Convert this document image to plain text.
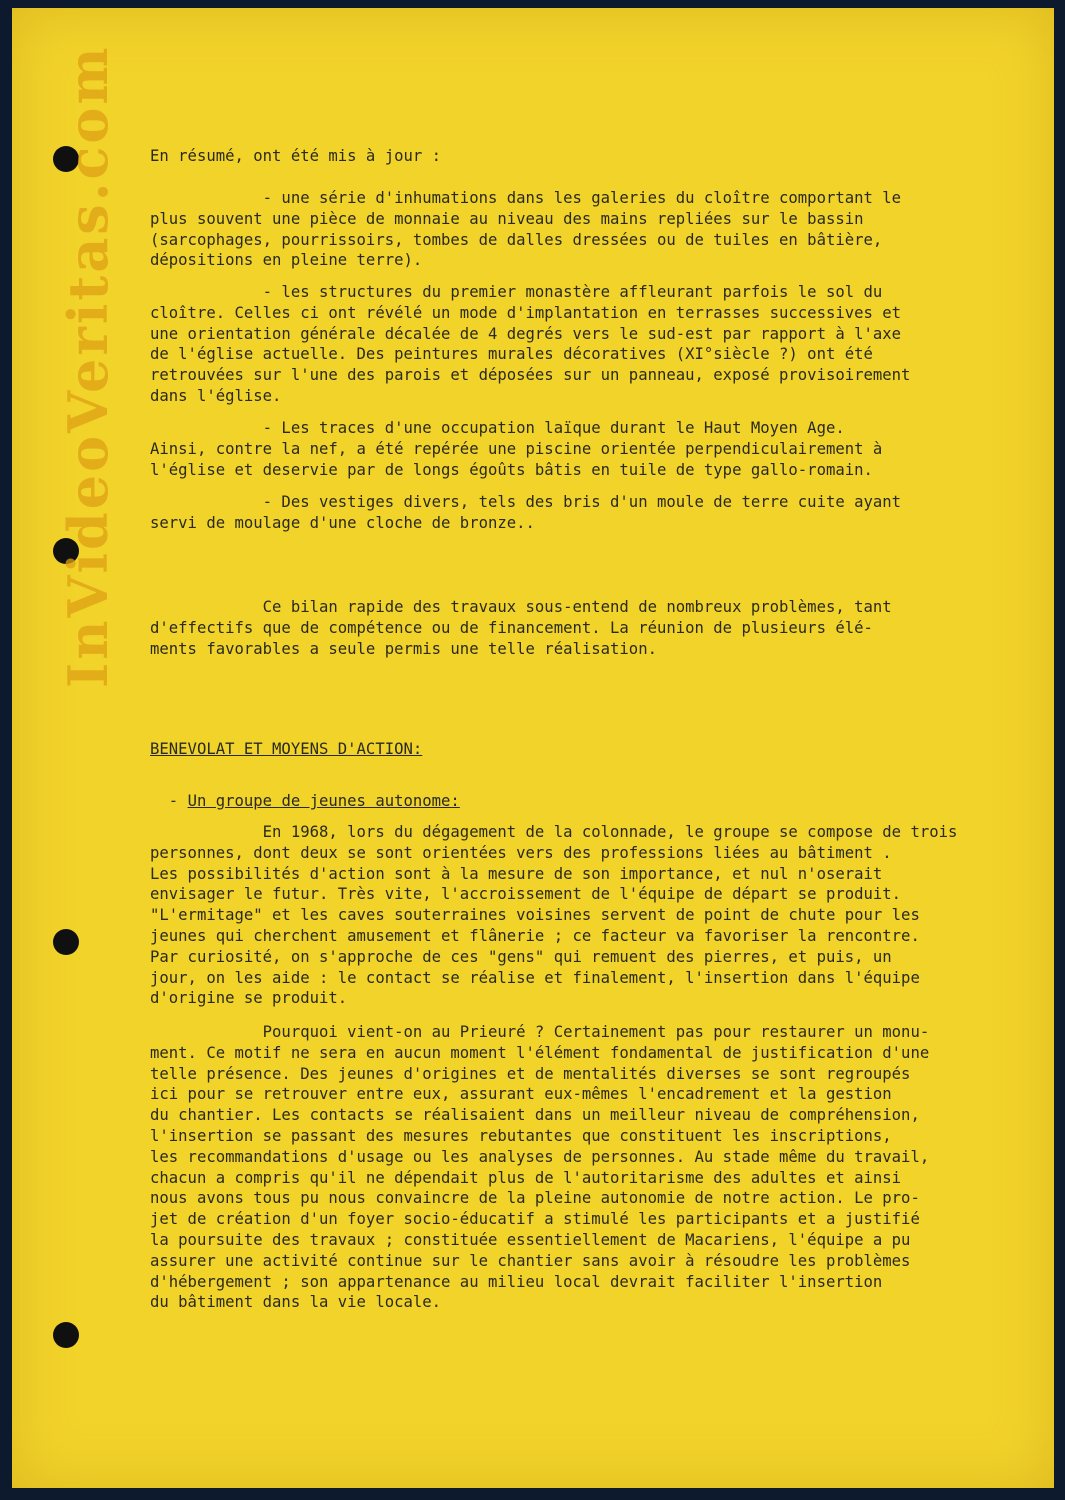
InVideoVeritas.com	En résumé, ont été mis à jour :

- une série d'inhumations dans les galeries du cloître comportant le
plus souvent une pièce de monnaie au niveau des mains repliées sur le bassin
(sarcophages, pourrissoirs, tombes de dalles dressées ou de tuiles en bâtière,
dépositions en pleine terre).

- les structures du premier monastère affleurant parfois le sol du
cloître. Celles ci ont révélé un mode d'implantation en terrasses successives et
une orientation générale décalée de 4 degrés vers le sud-est par rapport à l'axe
de l'église actuelle. Des peintures murales décoratives (XI°siècle ?) ont été
retrouvées sur l'une des parois et déposées sur un panneau, exposé provisoirement
dans l'église.

- Les traces d'une occupation laïque durant le Haut Moyen Age.
Ainsi, contre la nef, a été repérée une piscine orientée perpendiculairement à
l'église et deservie par de longs égoûts bâtis en tuile de type gallo-romain.

- Des vestiges divers, tels des bris d'un moule de terre cuite ayant
servi de moulage d'une cloche de bronze..

Ce bilan rapide des travaux sous-entend de nombreux problèmes, tant
d'effectifs que de compétence ou de financement. La réunion de plusieurs élé-
ments favorables a seule permis une telle réalisation.

BENEVOLAT ET MOYENS D'ACTION:

- Un groupe de jeunes autonome:

En 1968, lors du dégagement de la colonnade, le groupe se compose de trois
personnes, dont deux se sont orientées vers des professions liées au bâtiment .
Les possibilités d'action sont à la mesure de son importance, et nul n'oserait
envisager le futur. Très vite, l'accroissement de l'équipe de départ se produit.
"L'ermitage" et les caves souterraines voisines servent de point de chute pour les
jeunes qui cherchent amusement et flânerie ; ce facteur va favoriser la rencontre.
Par curiosité, on s'approche de ces "gens" qui remuent des pierres, et puis, un
jour, on les aide : le contact se réalise et finalement, l'insertion dans l'équipe
d'origine se produit.

Pourquoi vient-on au Prieuré ? Certainement pas pour restaurer un monu-
ment. Ce motif ne sera en aucun moment l'élément fondamental de justification d'une
telle présence. Des jeunes d'origines et de mentalités diverses se sont regroupés
ici pour se retrouver entre eux, assurant eux-mêmes l'encadrement et la gestion
du chantier. Les contacts se réalisaient dans un meilleur niveau de compréhension,
l'insertion se passant des mesures rebutantes que constituent les inscriptions,
les recommandations d'usage ou les analyses de personnes. Au stade même du travail,
chacun a compris qu'il ne dépendait plus de l'autoritarisme des adultes et ainsi
nous avons tous pu nous convaincre de la pleine autonomie de notre action. Le pro-
jet de création d'un foyer socio-éducatif a stimulé les participants et a justifié
la poursuite des travaux ; constituée essentiellement de Macariens, l'équipe a pu
assurer une activité continue sur le chantier sans avoir à résoudre les problèmes
d'hébergement ; son appartenance au milieu local devrait faciliter l'insertion
du bâtiment dans la vie locale.
